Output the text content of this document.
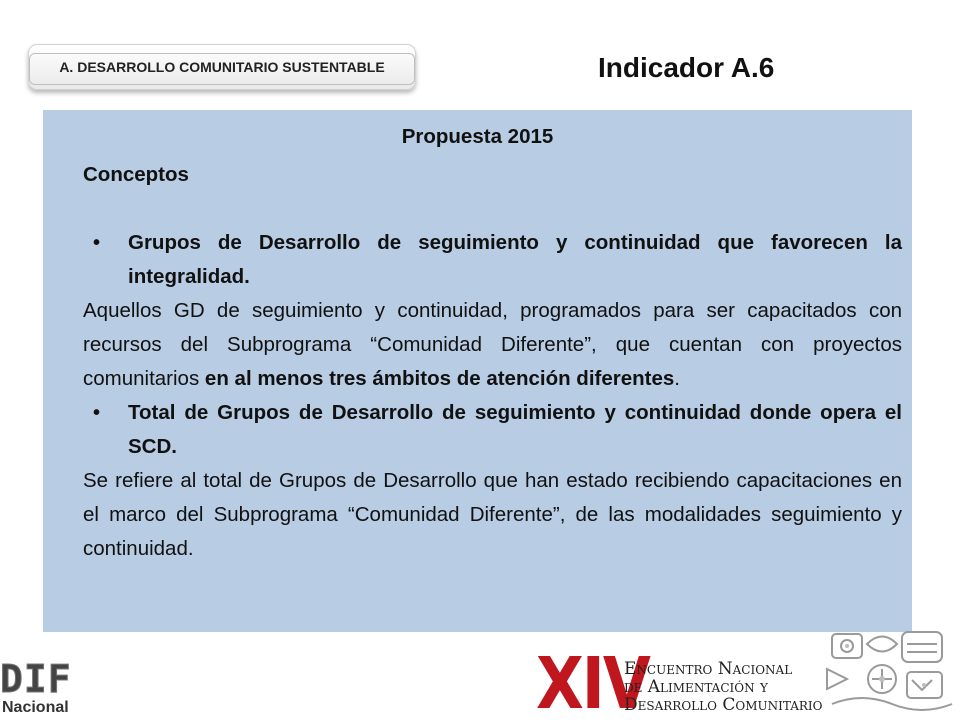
A. DESARROLLO COMUNITARIO SUSTENTABLE	Indicador A.6
Propuesta 2015
Conceptos
• Grupos de Desarrollo de seguimiento y continuidad que favorecen la integralidad.
Aquellos GD de seguimiento y continuidad, programados para ser capacitados con recursos del Subprograma “Comunidad Diferente”, que cuentan con proyectos comunitarios en al menos tres ámbitos de atención diferentes.
• Total de Grupos de Desarrollo de seguimiento y continuidad donde opera el SCD.
Se refiere al total de Grupos de Desarrollo que han estado recibiendo capacitaciones en el marco del Subprograma “Comunidad Diferente”, de las modalidades seguimiento y continuidad.
DIF
Nacional	XIV
Encuentro Nacional
de Alimentación y
Desarrollo Comunitario
